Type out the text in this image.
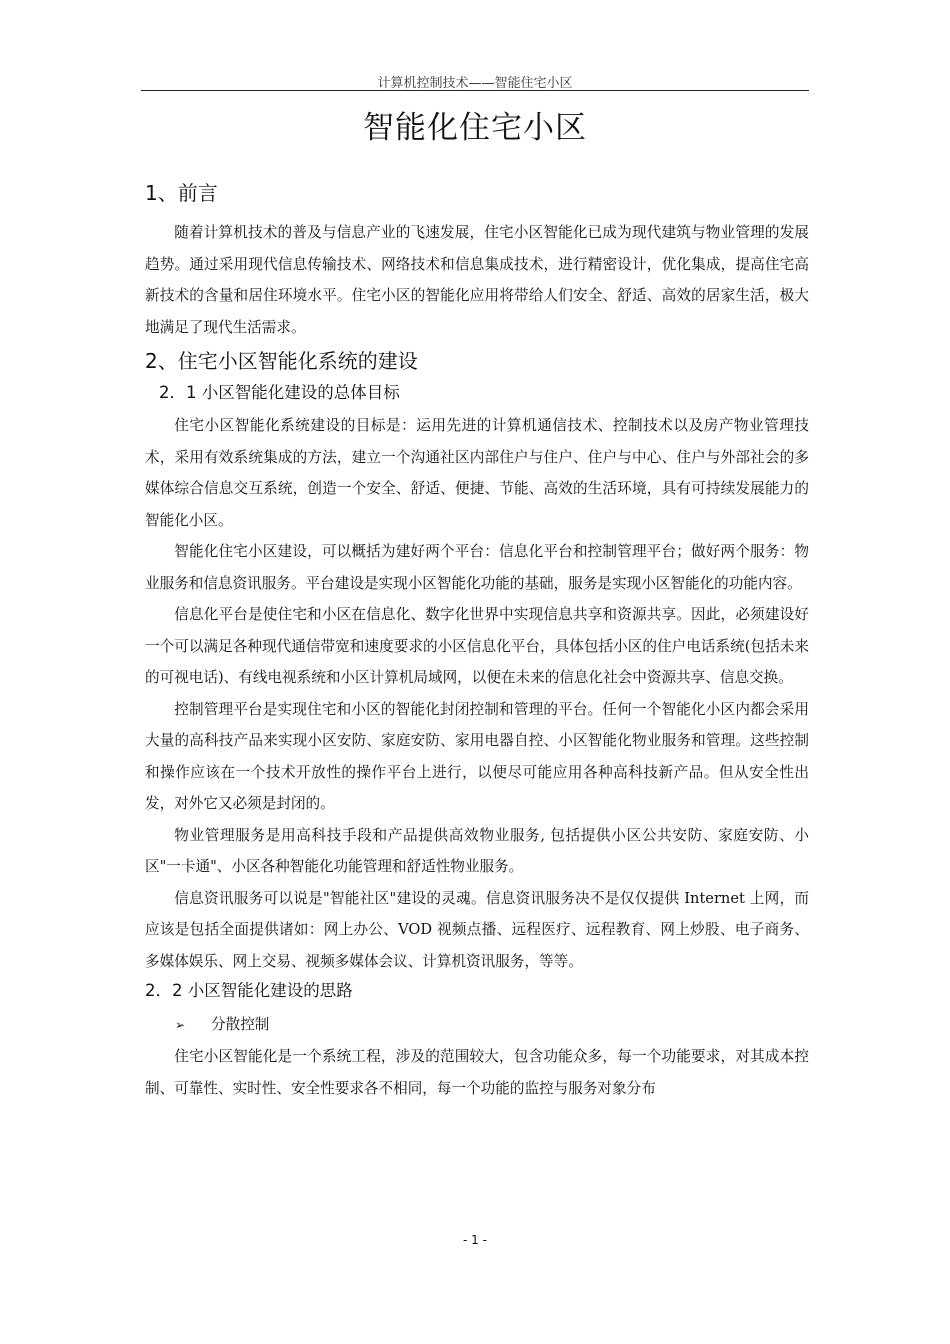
计算机控制技术——智能住宅小区
智能化住宅小区
1、前言

随着计算机技术的普及与信息产业的飞速发展，住宅小区智能化已成为现代建筑与物业管理的发展趋势。通过采用现代信息传输技术、网络技术和信息集成技术，进行精密设计，优化集成，提高住宅高新技术的含量和居住环境水平。住宅小区的智能化应用将带给人们安全、舒适、高效的居家生活，极大地满足了现代生活需求。

2、住宅小区智能化系统的建设
2．1 小区智能化建设的总体目标

住宅小区智能化系统建设的目标是：运用先进的计算机通信技术、控制技术以及房产物业管理技术，采用有效系统集成的方法，建立一个沟通社区内部住户与住户、住户与中心、住户与外部社会的多媒体综合信息交互系统，创造一个安全、舒适、便捷、节能、高效的生活环境，具有可持续发展能力的智能化小区。

智能化住宅小区建设，可以概括为建好两个平台：信息化平台和控制管理平台；做好两个服务：物业服务和信息资讯服务。平台建设是实现小区智能化功能的基础，服务是实现小区智能化的功能内容。

信息化平台是使住宅和小区在信息化、数字化世界中实现信息共享和资源共享。因此，必须建设好一个可以满足各种现代通信带宽和速度要求的小区信息化平台，具体包括小区的住户电话系统(包括未来的可视电话)、有线电视系统和小区计算机局域网，以便在未来的信息化社会中资源共享、信息交换。

控制管理平台是实现住宅和小区的智能化封闭控制和管理的平台。任何一个智能化小区内都会采用大量的高科技产品来实现小区安防、家庭安防、家用电器自控、小区智能化物业服务和管理。这些控制和操作应该在一个技术开放性的操作平台上进行，以便尽可能应用各种高科技新产品。但从安全性出发，对外它又必须是封闭的。

物业管理服务是用高科技手段和产品提供高效物业服务, 包括提供小区公共安防、家庭安防、小区"一卡通"、小区各种智能化功能管理和舒适性物业服务。

信息资讯服务可以说是"智能社区"建设的灵魂。信息资讯服务决不是仅仅提供 Internet 上网，而应该是包括全面提供诸如：网上办公、VOD 视频点播、远程医疗、远程教育、网上炒股、电子商务、多媒体娱乐、网上交易、视频多媒体会议、计算机资讯服务，等等。

2．2 小区智能化建设的思路
➢ 分散控制

住宅小区智能化是一个系统工程，涉及的范围较大，包含功能众多，每一个功能要求，对其成本控制、可靠性、实时性、安全性要求各不相同，每一个功能的监控与服务对象分布

- 1 -
